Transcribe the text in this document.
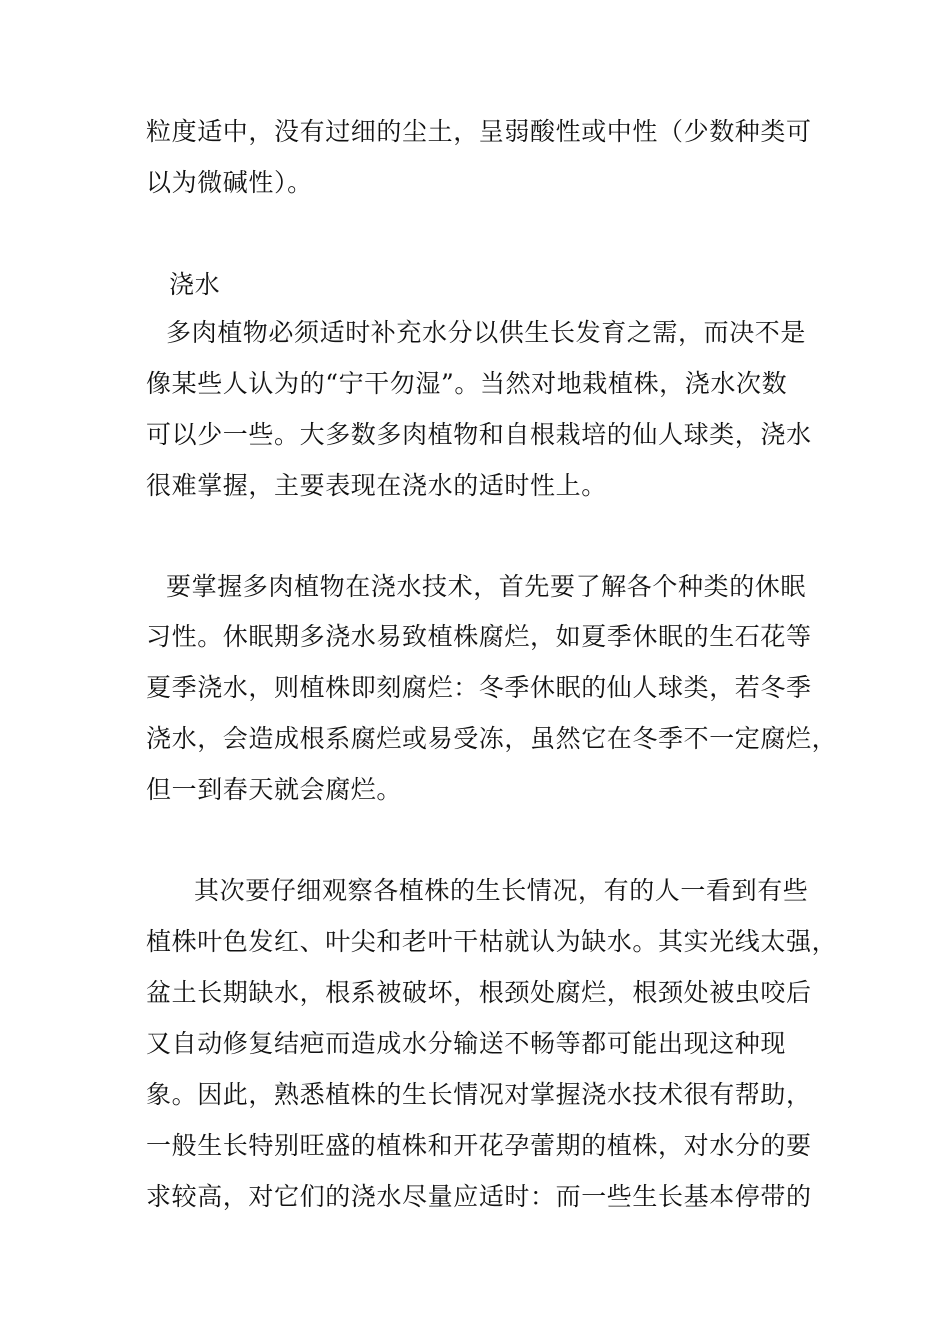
粒度适中，没有过细的尘土，呈弱酸性或中性（少数种类可
以为微碱性）。
浇水
多肉植物必须适时补充水分以供生长发育之需，而决不是
像某些人认为的“宁干勿湿”。当然对地栽植株，浇水次数
可以少一些。大多数多肉植物和自根栽培的仙人球类，浇水
很难掌握，主要表现在浇水的适时性上。
要掌握多肉植物在浇水技术，首先要了解各个种类的休眠
习性。休眠期多浇水易致植株腐烂，如夏季休眠的生石花等
夏季浇水，则植株即刻腐烂：冬季休眠的仙人球类，若冬季
浇水，会造成根系腐烂或易受冻，虽然它在冬季不一定腐烂，
但一到春天就会腐烂。
其次要仔细观察各植株的生长情况，有的人一看到有些
植株叶色发红、叶尖和老叶干枯就认为缺水。其实光线太强，
盆土长期缺水，根系被破坏，根颈处腐烂，根颈处被虫咬后
又自动修复结疤而造成水分输送不畅等都可能出现这种现
象。因此，熟悉植株的生长情况对掌握浇水技术很有帮助，
一般生长特别旺盛的植株和开花孕蕾期的植株，对水分的要
求较高，对它们的浇水尽量应适时：而一些生长基本停带的
